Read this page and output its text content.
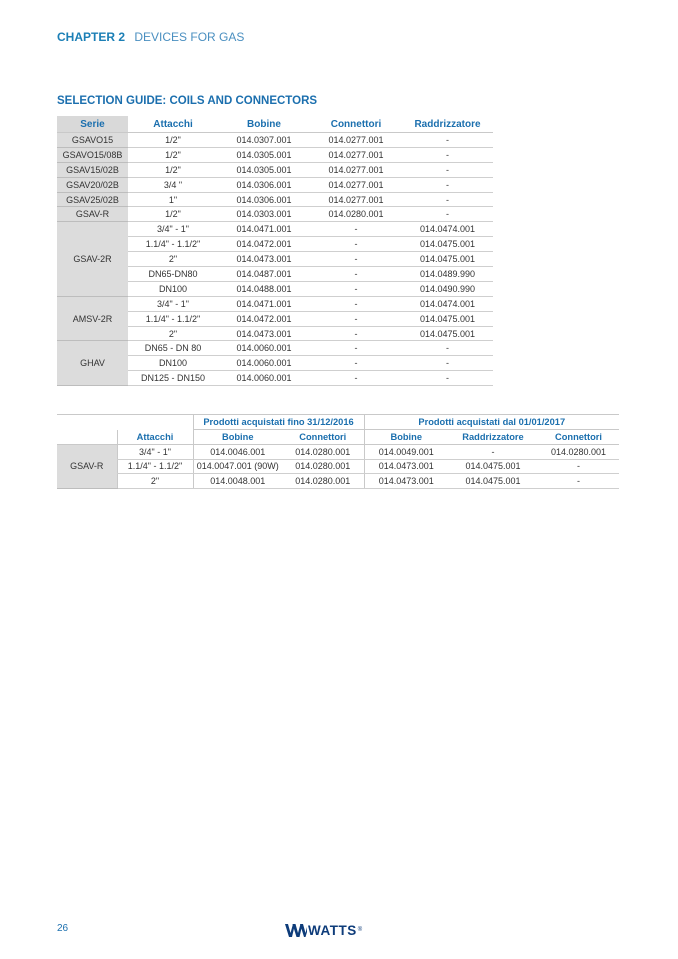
CHAPTER 2 DEVICES FOR GAS
SELECTION GUIDE: COILS AND CONNECTORS
Serie	Attacchi	Bobine	Connettori	Raddrizzatore
GSAVO15	1/2"	014.0307.001	014.0277.001	-
GSAVO15/08B	1/2"	014.0305.001	014.0277.001	-
GSAV15/02B	1/2"	014.0305.001	014.0277.001	-
GSAV20/02B	3/4 "	014.0306.001	014.0277.001	-
GSAV25/02B	1"	014.0306.001	014.0277.001	-
GSAV-R	1/2"	014.0303.001	014.0280.001	-
GSAV-2R	3/4" - 1"	014.0471.001	-	014.0474.001
	1.1/4" - 1.1/2"	014.0472.001	-	014.0475.001
	2"	014.0473.001	-	014.0475.001
	DN65-DN80	014.0487.001	-	014.0489.990
	DN100	014.0488.001	-	014.0490.990
AMSV-2R	3/4" - 1"	014.0471.001	-	014.0474.001
	1.1/4" - 1.1/2"	014.0472.001	-	014.0475.001
	2"	014.0473.001	-	014.0475.001
GHAV	DN65 - DN 80	014.0060.001	-	-
	DN100	014.0060.001	-	-
	DN125 - DN150	014.0060.001	-	-
		Prodotti acquistati fino 31/12/2016		Prodotti acquistati dal 01/01/2017		
	Attacchi	Bobine	Connettori	Bobine	Raddrizzatore	Connettori
GSAV-R	3/4" - 1"	014.0046.001	014.0280.001	014.0049.001	-	014.0280.001
	1.1/4" - 1.1/2"	014.0047.001 (90W)	014.0280.001	014.0473.001	014.0475.001	-
	2"	014.0048.001	014.0280.001	014.0473.001	014.0475.001	-
26	WATTS ®
